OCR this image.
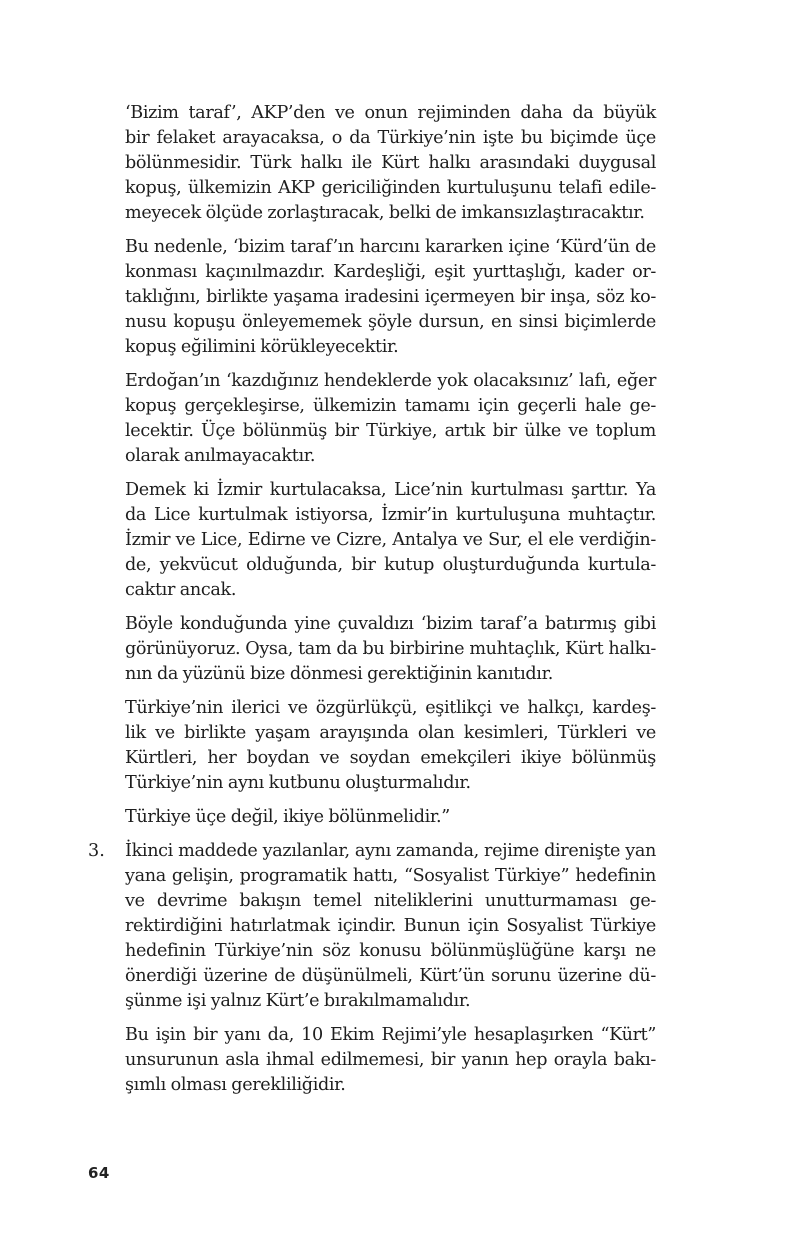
‘Bizim taraf’, AKP’den ve onun rejiminden daha da büyük
bir felaket arayacaksa, o da Türkiye’nin işte bu biçimde üçe
bölünmesidir. Türk halkı ile Kürt halkı arasındaki duygusal
kopuş, ülkemizin AKP gericiliğinden kurtuluşunu telafi edile-
meyecek ölçüde zorlaştıracak, belki de imkansızlaştıracaktır.

Bu nedenle, ‘bizim taraf’ın harcını kararken içine ‘Kürd’ün de
konması kaçınılmazdır. Kardeşliği, eşit yurttaşlığı, kader or-
taklığını, birlikte yaşama iradesini içermeyen bir inşa, söz ko-
nusu kopuşu önleyememek şöyle dursun, en sinsi biçimlerde
kopuş eğilimini körükleyecektir.

Erdoğan’ın ‘kazdığınız hendeklerde yok olacaksınız’ lafı, eğer
kopuş gerçekleşirse, ülkemizin tamamı için geçerli hale ge-
lecektir. Üçe bölünmüş bir Türkiye, artık bir ülke ve toplum
olarak anılmayacaktır.

Demek ki İzmir kurtulacaksa, Lice’nin kurtulması şarttır. Ya
da Lice kurtulmak istiyorsa, İzmir’in kurtuluşuna muhtaçtır.
İzmir ve Lice, Edirne ve Cizre, Antalya ve Sur, el ele verdiğin-
de, yekvücut olduğunda, bir kutup oluşturduğunda kurtula-
caktır ancak.

Böyle konduğunda yine çuvaldızı ‘bizim taraf’a batırmış gibi
görünüyoruz. Oysa, tam da bu birbirine muhtaçlık, Kürt halkı-
nın da yüzünü bize dönmesi gerektiğinin kanıtıdır.

Türkiye’nin ilerici ve özgürlükçü, eşitlikçi ve halkçı, kardeş-
lik ve birlikte yaşam arayışında olan kesimleri, Türkleri ve
Kürtleri, her boydan ve soydan emekçileri ikiye bölünmüş
Türkiye’nin aynı kutbunu oluşturmalıdır.

Türkiye üçe değil, ikiye bölünmelidir.”

3. İkinci maddede yazılanlar, aynı zamanda, rejime direnişte yan
yana gelişin, programatik hattı, “Sosyalist Türkiye” hedefinin
ve devrime bakışın temel niteliklerini unutturmaması ge-
rektirdiğini hatırlatmak içindir. Bunun için Sosyalist Türkiye
hedefinin Türkiye’nin söz konusu bölünmüşlüğüne karşı ne
önerdiği üzerine de düşünülmeli, Kürt’ün sorunu üzerine dü-
şünme işi yalnız Kürt’e bırakılmamalıdır.

Bu işin bir yanı da, 10 Ekim Rejimi’yle hesaplaşırken “Kürt”
unsurunun asla ihmal edilmemesi, bir yanın hep orayla bakı-
şımlı olması gerekliliğidir.

64
